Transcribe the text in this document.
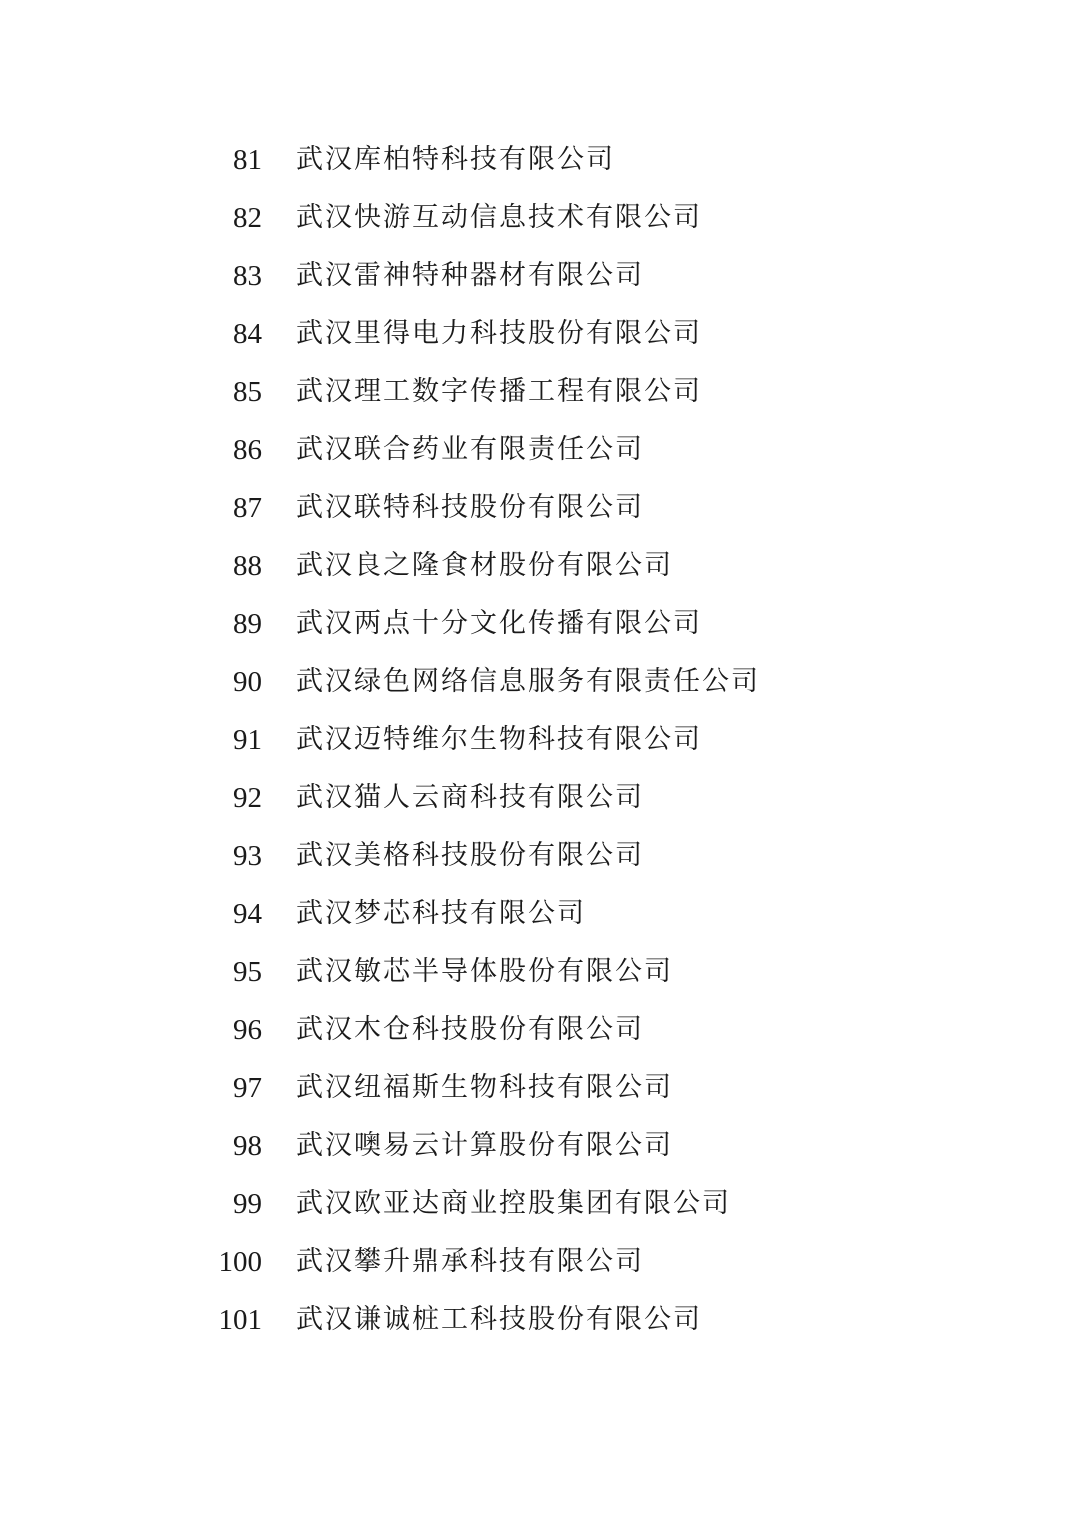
81 武汉库柏特科技有限公司
82 武汉快游互动信息技术有限公司
83 武汉雷神特种器材有限公司
84 武汉里得电力科技股份有限公司
85 武汉理工数字传播工程有限公司
86 武汉联合药业有限责任公司
87 武汉联特科技股份有限公司
88 武汉良之隆食材股份有限公司
89 武汉两点十分文化传播有限公司
90 武汉绿色网络信息服务有限责任公司
91 武汉迈特维尔生物科技有限公司
92 武汉猫人云商科技有限公司
93 武汉美格科技股份有限公司
94 武汉梦芯科技有限公司
95 武汉敏芯半导体股份有限公司
96 武汉木仓科技股份有限公司
97 武汉纽福斯生物科技有限公司
98 武汉噢易云计算股份有限公司
99 武汉欧亚达商业控股集团有限公司
100 武汉攀升鼎承科技有限公司
101 武汉谦诚桩工科技股份有限公司
